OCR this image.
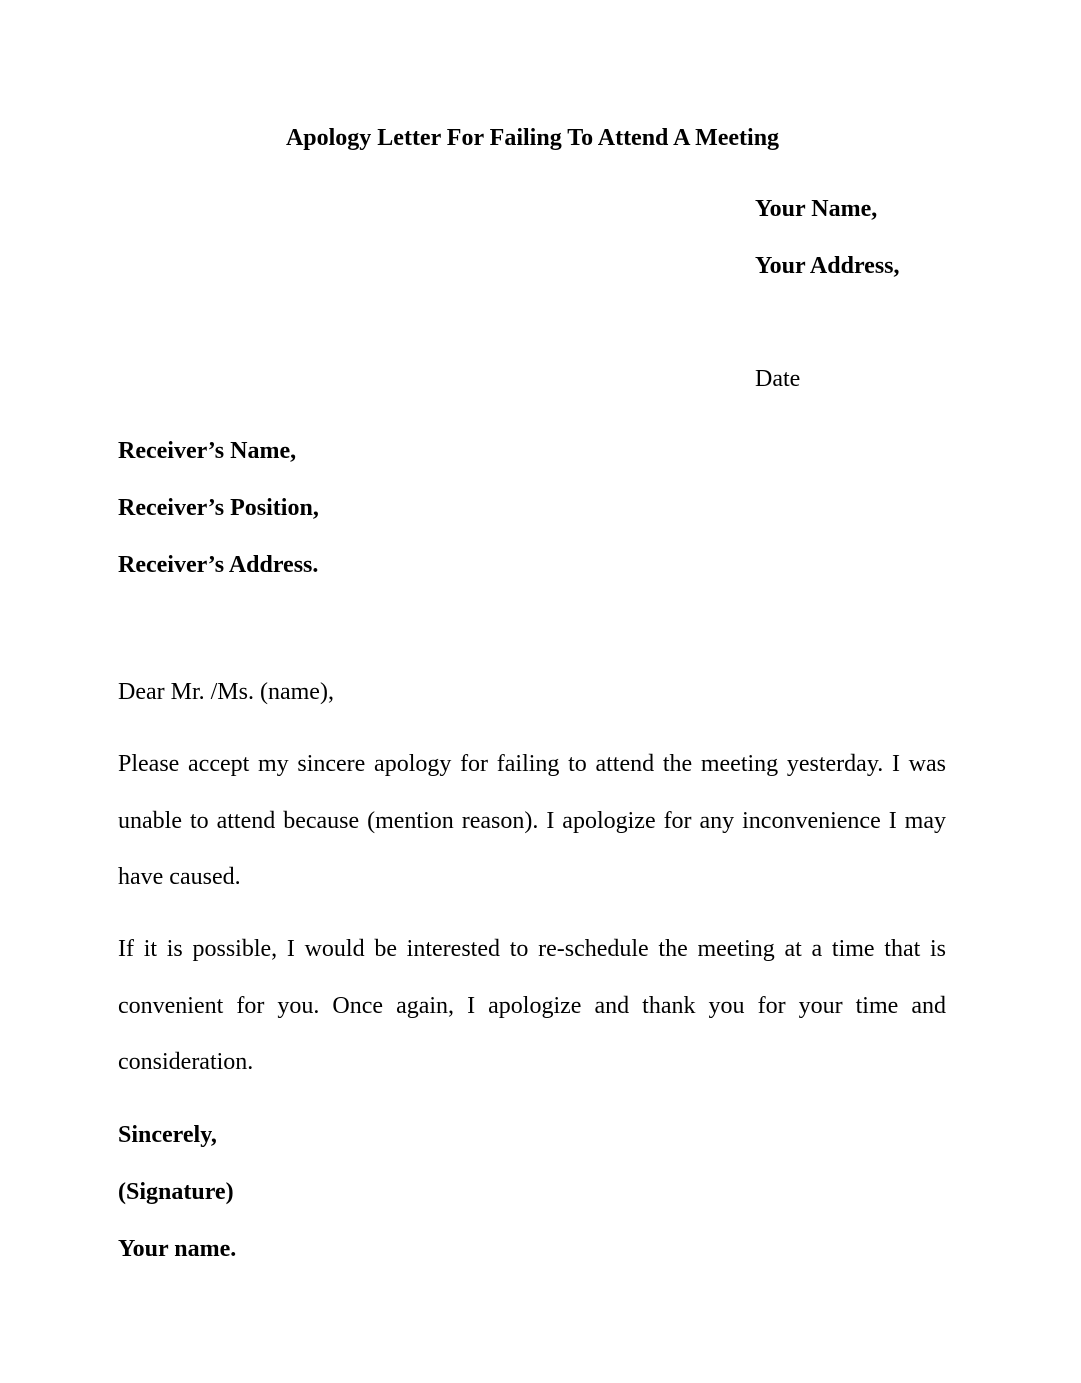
Apology Letter For Failing To Attend A Meeting
Your Name,
Your Address,
Date
Receiver’s Name,
Receiver’s Position,
Receiver’s Address.
Dear Mr. /Ms. (name),
Please accept my sincere apology for failing to attend the meeting yesterday. I was unable to attend because (mention reason). I apologize for any inconvenience I may have caused.
If it is possible, I would be interested to re-schedule the meeting at a time that is convenient for you. Once again, I apologize and thank you for your time and consideration.
Sincerely,
(Signature)
Your name.
